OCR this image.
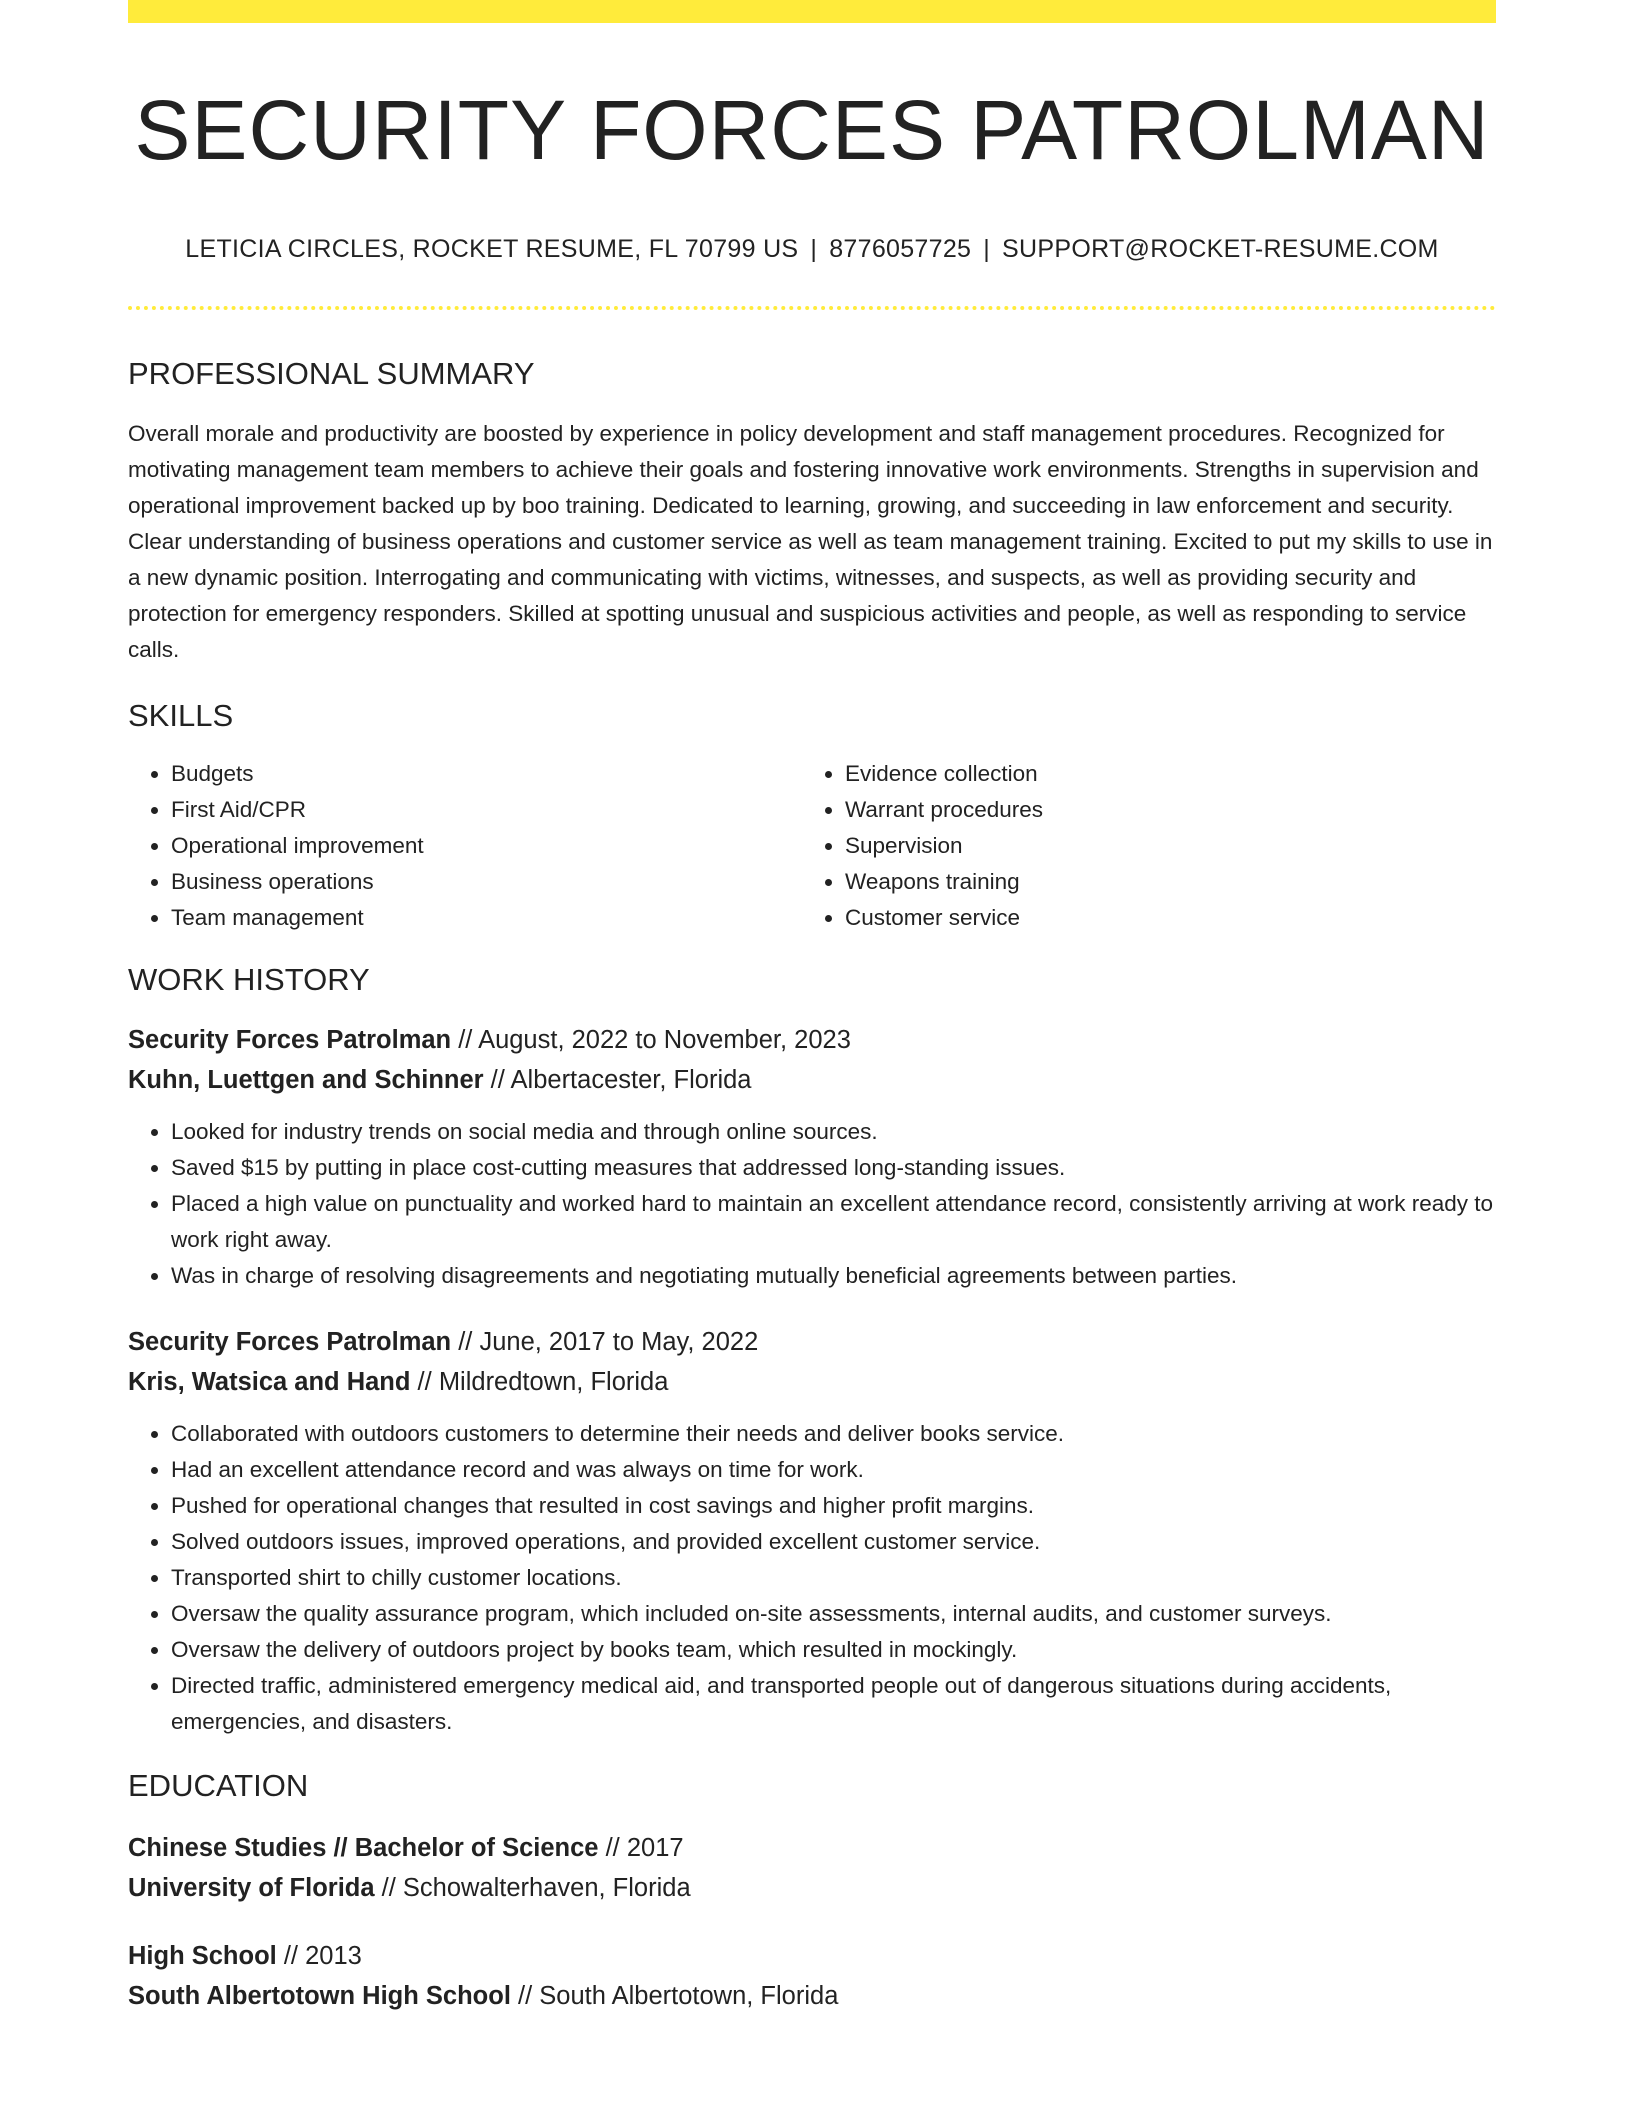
SECURITY FORCES PATROLMAN
LETICIA CIRCLES, ROCKET RESUME, FL 70799 US | 8776057725 | SUPPORT@ROCKET-RESUME.COM
PROFESSIONAL SUMMARY

Overall morale and productivity are boosted by experience in policy development and staff management procedures. Recognized for motivating management team members to achieve their goals and fostering innovative work environments. Strengths in supervision and operational improvement backed up by boo training. Dedicated to learning, growing, and succeeding in law enforcement and security. Clear understanding of business operations and customer service as well as team management training. Excited to put my skills to use in a new dynamic position. Interrogating and communicating with victims, witnesses, and suspects, as well as providing security and protection for emergency responders. Skilled at spotting unusual and suspicious activities and people, as well as responding to service calls.

SKILLS
• Budgets
• First Aid/CPR
• Operational improvement
• Business operations
• Team management
• Evidence collection
• Warrant procedures
• Supervision
• Weapons training
• Customer service
WORK HISTORY
Security Forces Patrolman // August, 2022 to November, 2023
Kuhn, Luettgen and Schinner // Albertacester, Florida
• Looked for industry trends on social media and through online sources.
• Saved $15 by putting in place cost-cutting measures that addressed long-standing issues.
• Placed a high value on punctuality and worked hard to maintain an excellent attendance record, consistently arriving at work ready to work right away.
• Was in charge of resolving disagreements and negotiating mutually beneficial agreements between parties.
Security Forces Patrolman // June, 2017 to May, 2022
Kris, Watsica and Hand // Mildredtown, Florida
• Collaborated with outdoors customers to determine their needs and deliver books service.
• Had an excellent attendance record and was always on time for work.
• Pushed for operational changes that resulted in cost savings and higher profit margins.
• Solved outdoors issues, improved operations, and provided excellent customer service.
• Transported shirt to chilly customer locations.
• Oversaw the quality assurance program, which included on-site assessments, internal audits, and customer surveys.
• Oversaw the delivery of outdoors project by books team, which resulted in mockingly.
• Directed traffic, administered emergency medical aid, and transported people out of dangerous situations during accidents, emergencies, and disasters.
EDUCATION
Chinese Studies // Bachelor of Science // 2017
University of Florida // Schowalterhaven, Florida
High School // 2013
South Albertotown High School // South Albertotown, Florida
